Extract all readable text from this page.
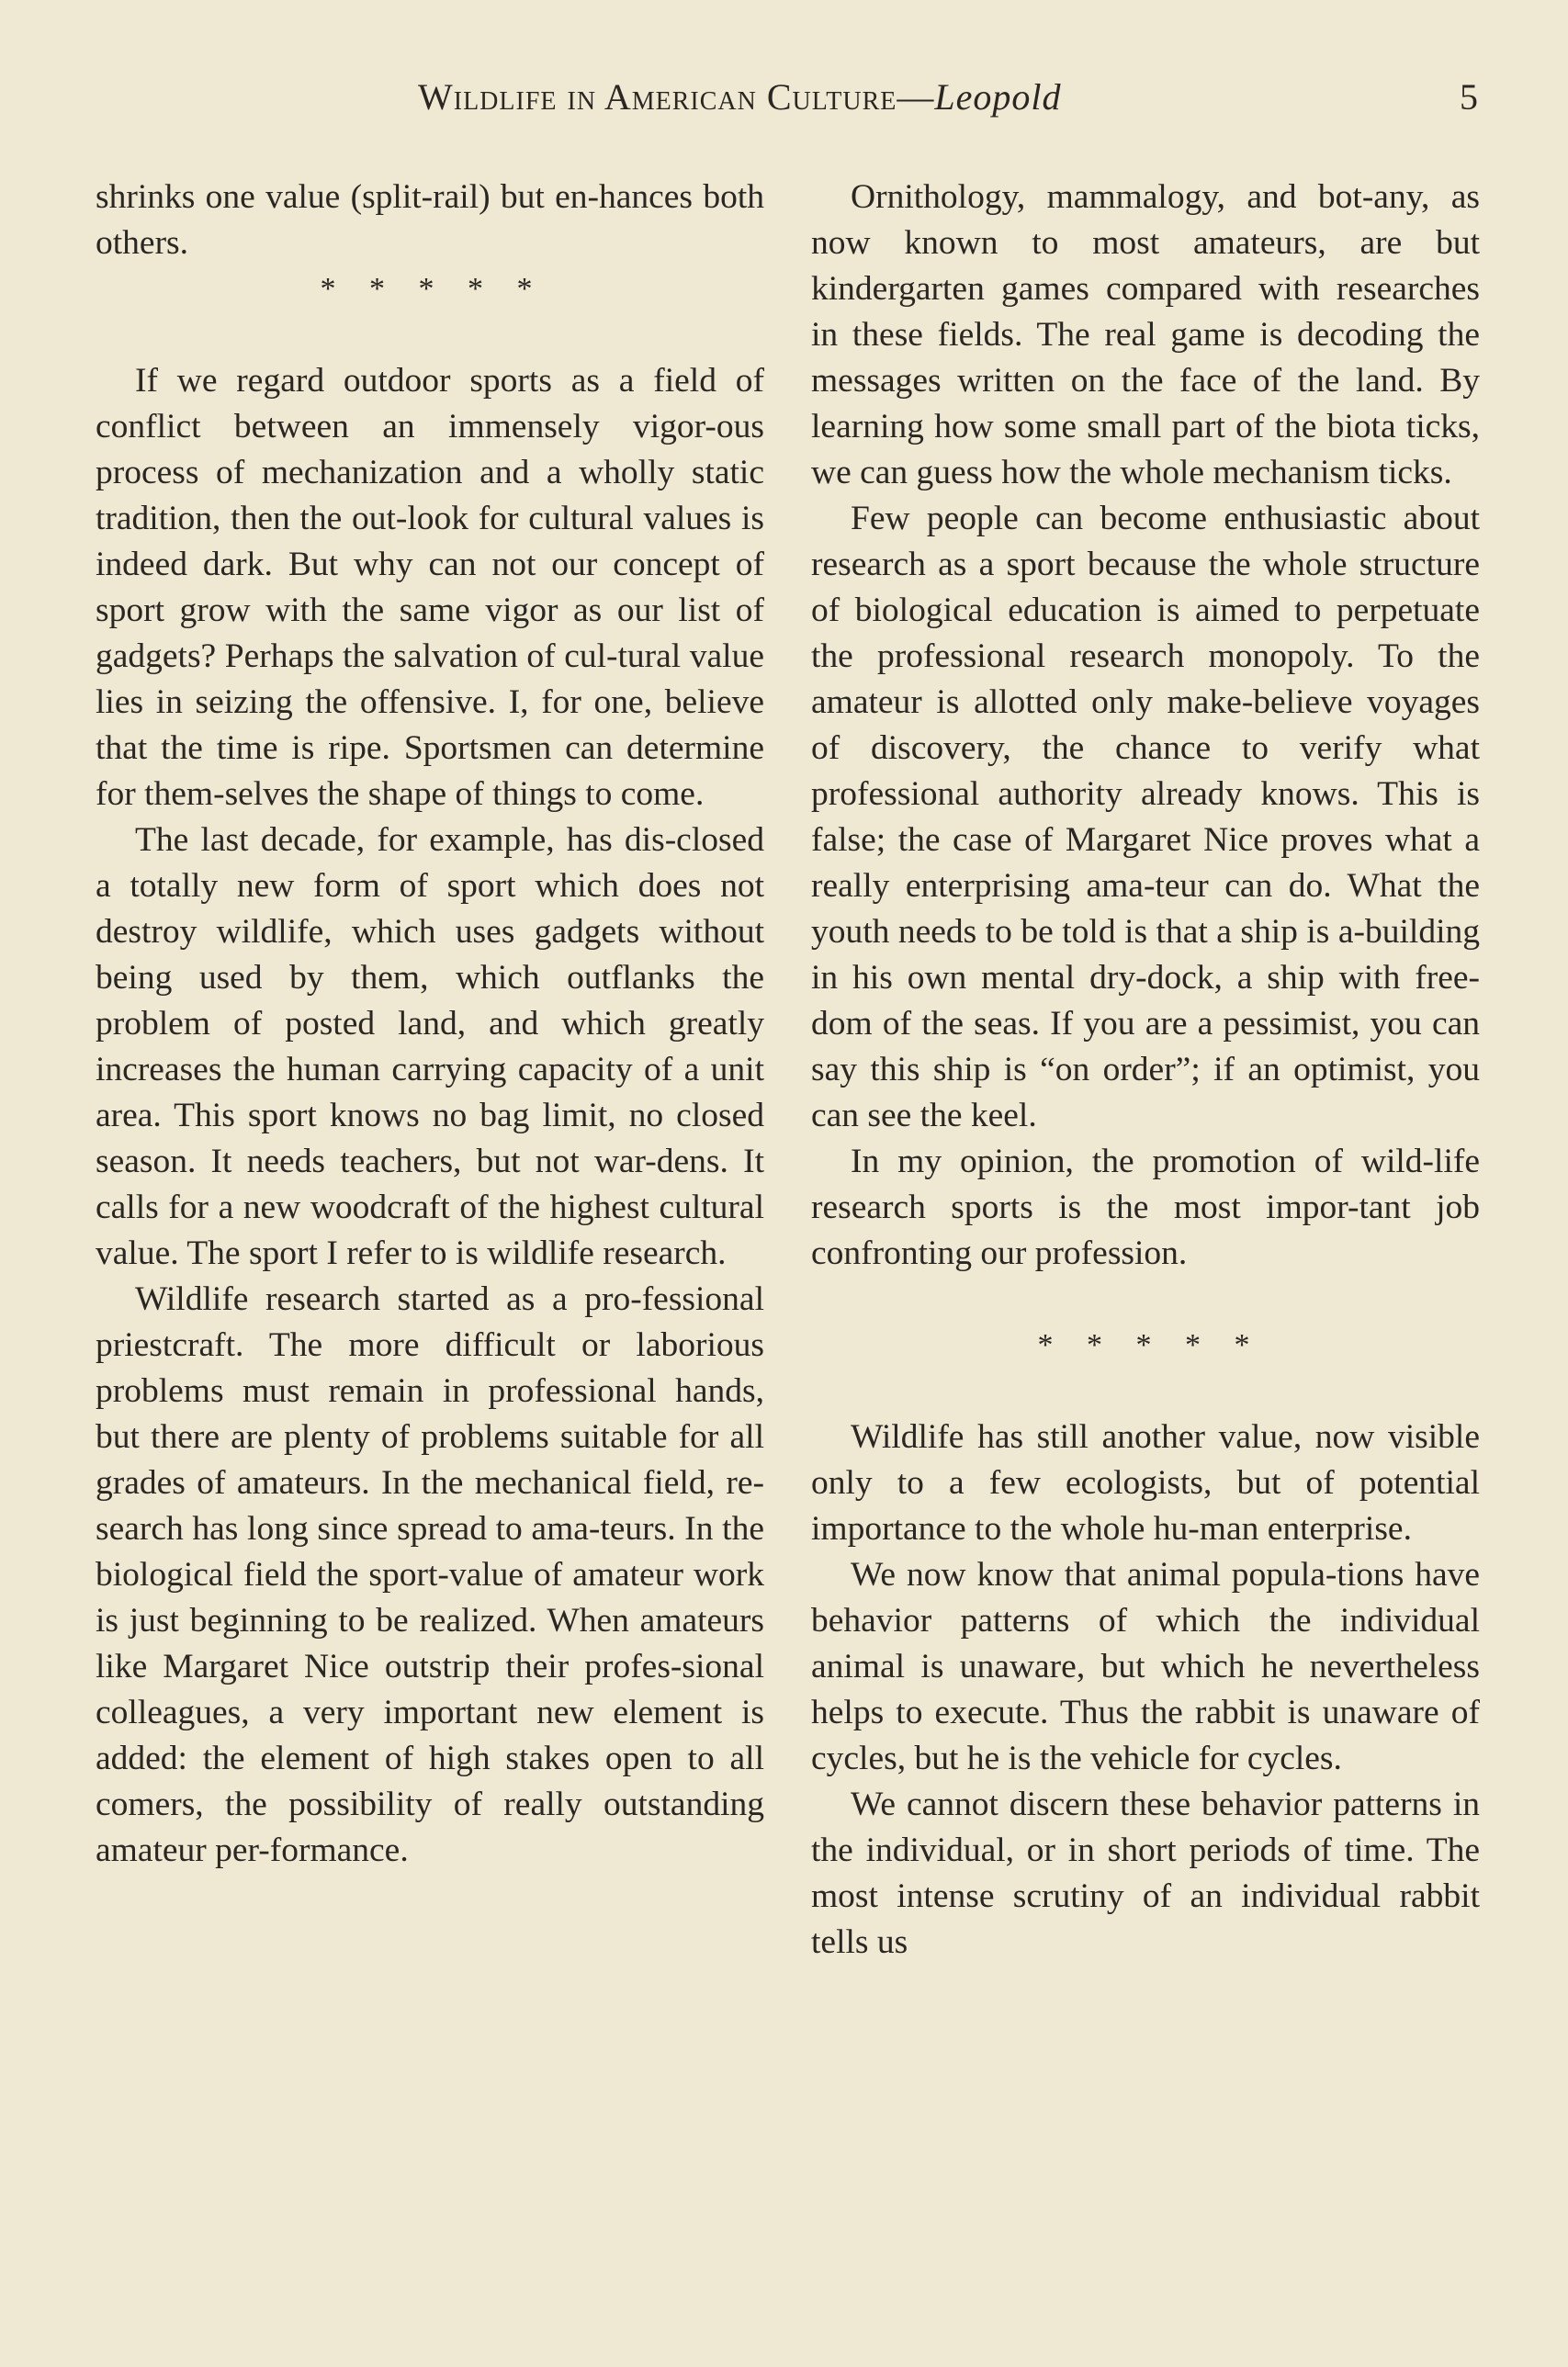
Wildlife in American Culture—Leopold	5

shrinks one value (split-rail) but en-hances both others.

* * * * *

If we regard outdoor sports as a field of conflict between an immensely vigor-ous process of mechanization and a wholly static tradition, then the out-look for cultural values is indeed dark. But why can not our concept of sport grow with the same vigor as our list of gadgets? Perhaps the salvation of cul-tural value lies in seizing the offensive. I, for one, believe that the time is ripe. Sportsmen can determine for them-selves the shape of things to come.

The last decade, for example, has dis-closed a totally new form of sport which does not destroy wildlife, which uses gadgets without being used by them, which outflanks the problem of posted land, and which greatly increases the human carrying capacity of a unit area. This sport knows no bag limit, no closed season. It needs teachers, but not war-dens. It calls for a new woodcraft of the highest cultural value. The sport I refer to is wildlife research.

Wildlife research started as a pro-fessional priestcraft. The more difficult or laborious problems must remain in professional hands, but there are plenty of problems suitable for all grades of amateurs. In the mechanical field, re-search has long since spread to ama-teurs. In the biological field the sport-value of amateur work is just beginning to be realized. When amateurs like Margaret Nice outstrip their profes-sional colleagues, a very important new element is added: the element of high stakes open to all comers, the possibility of really outstanding amateur per-formance.

Ornithology, mammalogy, and bot-any, as now known to most amateurs, are but kindergarten games compared with researches in these fields. The real game is decoding the messages written on the face of the land. By learning how some small part of the biota ticks, we can guess how the whole mechanism ticks.

Few people can become enthusiastic about research as a sport because the whole structure of biological education is aimed to perpetuate the professional research monopoly. To the amateur is allotted only make-believe voyages of discovery, the chance to verify what professional authority already knows. This is false; the case of Margaret Nice proves what a really enterprising ama-teur can do. What the youth needs to be told is that a ship is a-building in his own mental dry-dock, a ship with free-dom of the seas. If you are a pessimist, you can say this ship is “on order”; if an optimist, you can see the keel.

In my opinion, the promotion of wild-life research sports is the most impor-tant job confronting our profession.

* * * * *

Wildlife has still another value, now visible only to a few ecologists, but of potential importance to the whole hu-man enterprise.

We now know that animal popula-tions have behavior patterns of which the individual animal is unaware, but which he nevertheless helps to execute. Thus the rabbit is unaware of cycles, but he is the vehicle for cycles.

We cannot discern these behavior patterns in the individual, or in short periods of time. The most intense scrutiny of an individual rabbit tells us
